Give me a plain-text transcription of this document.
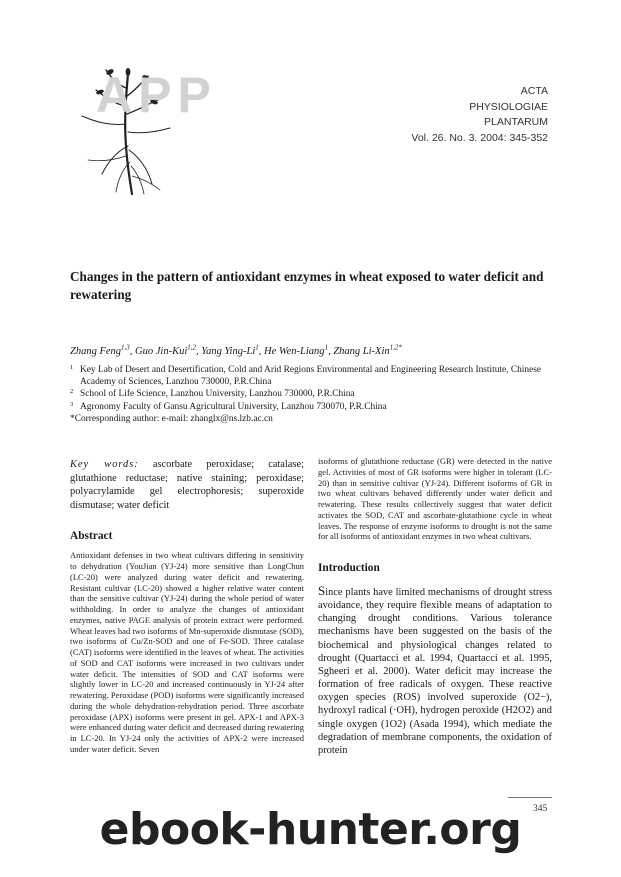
APP	ACTA
PHYSIOLOGIAE
PLANTARUM
Vol. 26. No. 3. 2004: 345-352
Changes in the pattern of antioxidant enzymes in wheat exposed to water deficit and rewatering
Zhang Feng$^{1,3}$, Guo Jin-Kui$^{1,2}$, Yang Ying-Li$^1$, He Wen-Liang$^1$, Zhang Li-Xin$^{1,2*}$
1 Key Lab of Desert and Desertification, Cold and Arid Regions Environmental and Engineering Research Institute, Chinese Academy of Sciences, Lanzhou 730000, P.R.China
2 School of Life Science, Lanzhou University, Lanzhou 730000, P.R.China
3 Agronomy Faculty of Gansu Agricultural University, Lanzhou 730070, P.R.China
*Corresponding author: e-mail: zhanglx@ns.lzb.ac.cn
Key words: ascorbate peroxidase; catalase; glutathione reductase; native staining; peroxidase; polyacrylamide gel electrophoresis; superoxide dismutase; water deficit
Abstract
Antioxidant defenses in two wheat cultivars differing in sensitivity to dehydration (YouJian (YJ-24) more sensitive than LongChun (LC-20) were analyzed during water deficit and rewatering. Resistant cultivar (LC-20) showed a higher relative water content than the sensitive cultivar (YJ-24) during the whole period of water withholding. In order to analyze the changes of antioxidant enzymes, native PAGE analysis of protein extract were performed. Wheat leaves had two isoforms of Mn-superoxide dismutase (SOD), two isoforms of Cu/Zn-SOD and one of Fe-SOD. Three catalase (CAT) isoforms were identified in the leaves of wheat. The activities of SOD and CAT isoforms were increased in two cultivars under water deficit. The intensities of SOD and CAT isoforms were slightly lower in LC-20 and increased continuously in YJ-24 after rewatering. Peroxidase (POD) isoforms were significantly increased during the whole dehydration-rehydration period. Three ascorbate peroxidase (APX) isoforms were present in gel. APX-1 and APX-3 were enhanced during water deficit and decreased during rewatering in LC-20. In YJ-24 only the activities of APX-2 were increased under water deficit. Seven
isoforms of glutathione reductase (GR) were detected in the native gel. Activities of most of GR isoforms were higher in tolerant (LC-20) than in sensitive cultivar (YJ-24). Different isoforms of GR in two wheat cultivars behaved differently under water deficit and rewatering. These results collectively suggest that water deficit activates the SOD, CAT and ascorbate-glutathione cycle in wheat leaves. The response of enzyme isoforms to drought is not the same for all isoforms of antioxidant enzymes in two wheat cultivars.
Introduction
Since plants have limited mechanisms of drought stress avoidance, they require flexible means of adaptation to changing drought conditions. Various tolerance mechanisms have been suggested on the basis of the biochemical and physiological changes related to drought (Quartacci et al. 1994, Quartacci et al. 1995, Sgheeri et al. 2000). Water deficit may increase the formation of free radicals of oxygen. These reactive oxygen species (ROS) involved superoxide (O2−), hydroxyl radical (·OH), hydrogen peroxide (H2O2) and single oxygen (1O2) (Asada 1994), which mediate the degradation of membrane components, the oxidation of protein
345
ebook-hunter.org
